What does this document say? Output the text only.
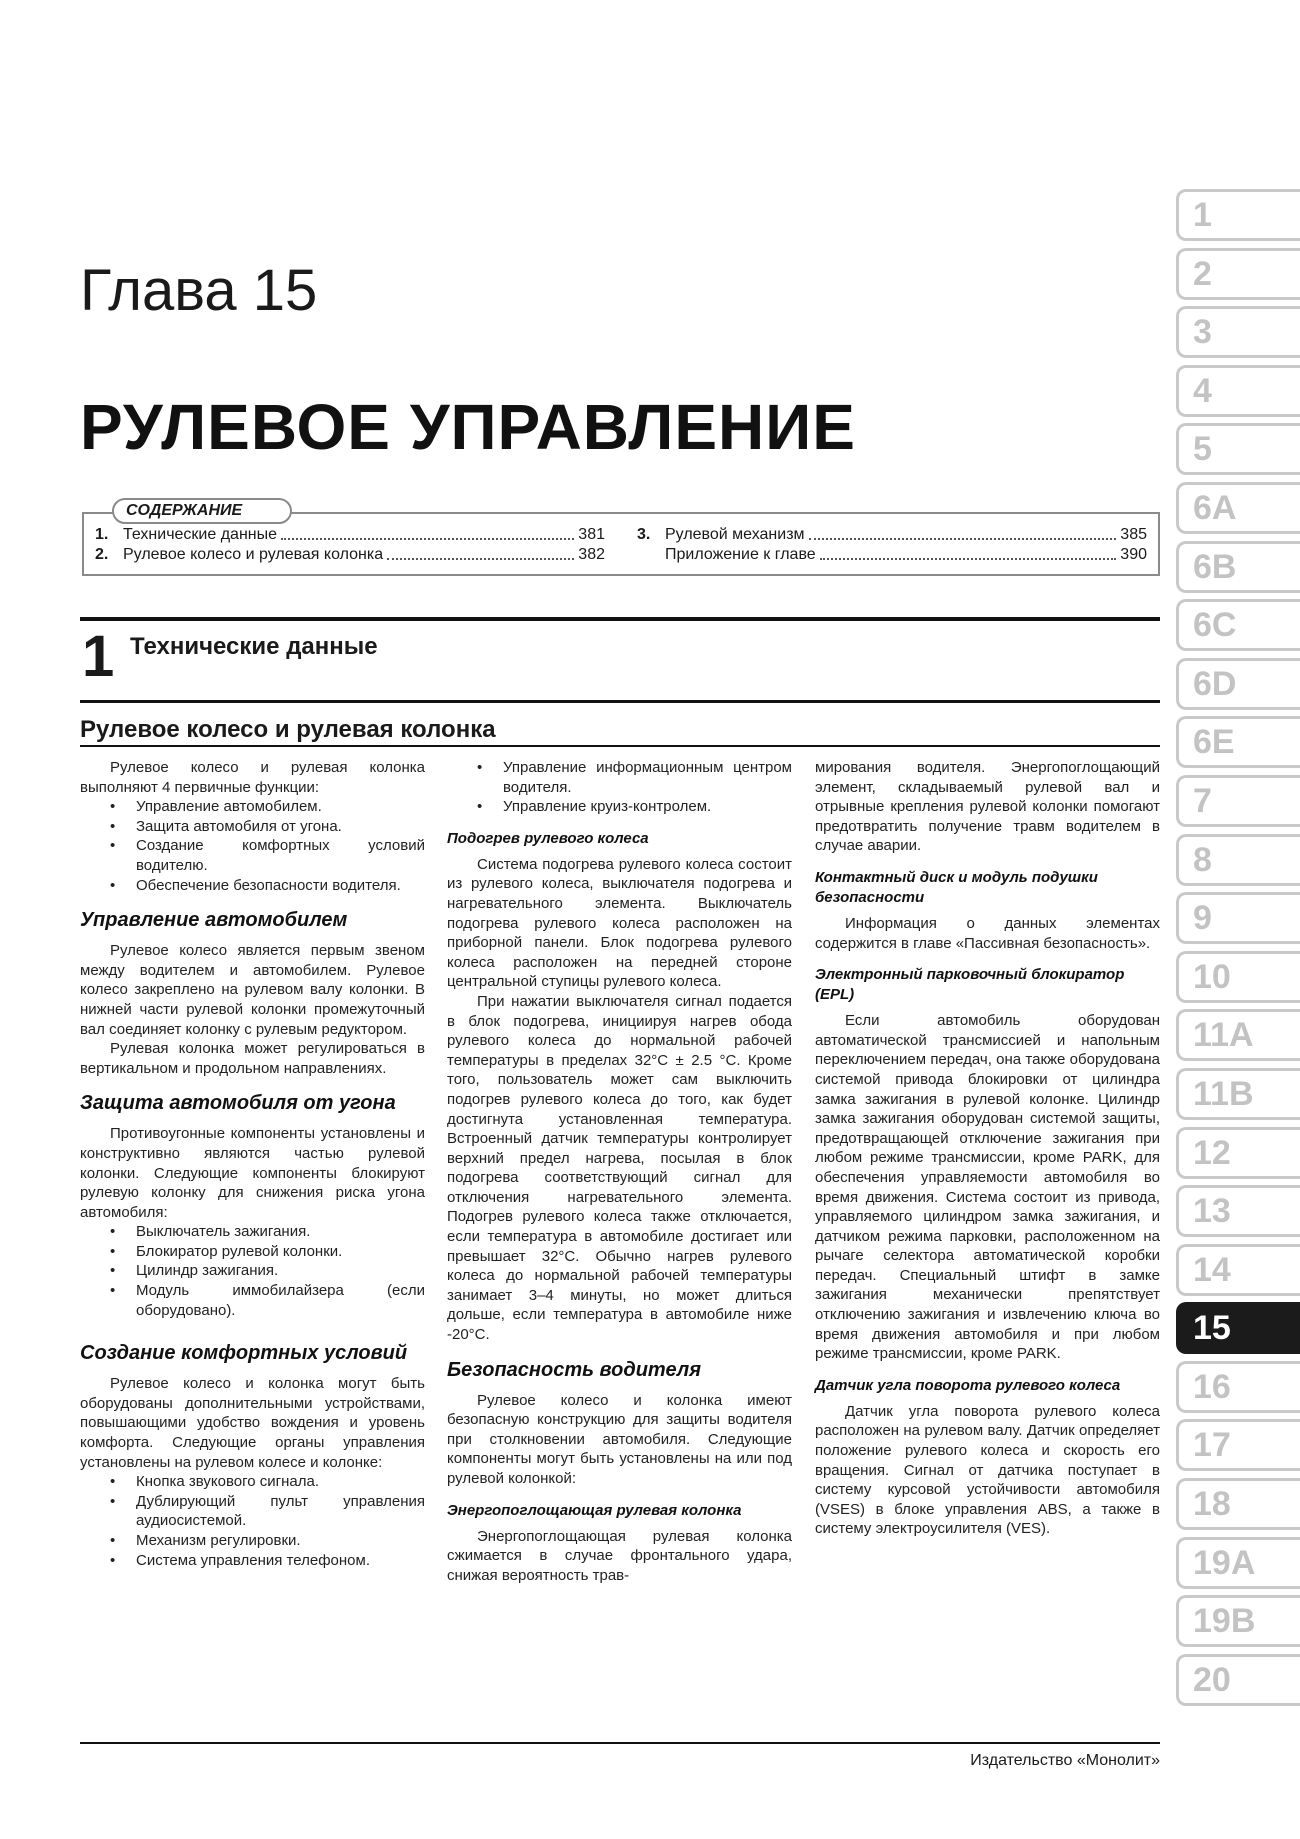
Глава 15
РУЛЕВОЕ УПРАВЛЕНИЕ
СОДЕРЖАНИЕ
1. Технические данные	381
2. Рулевое колесо и рулевая колонка	382
3. Рулевой механизм	385
Приложение к главе	390
1 Технические данные
Рулевое колесо и рулевая колонка

Рулевое колесо и рулевая колонка выполняют 4 первичные функции:

• Управление автомобилем.
• Защита автомобиля от угона.
• Создание комфортных условий водителю.
• Обеспечение безопасности водителя.
Управление автомобилем

Рулевое колесо является первым звеном между водителем и автомобилем. Рулевое колесо закреплено на рулевом валу колонки. В нижней части рулевой колонки промежуточный вал соединяет колонку с рулевым редуктором.

Рулевая колонка может регулироваться в вертикальном и продольном направлениях.

Защита автомобиля от угона

Противоугонные компоненты установлены и конструктивно являются частью рулевой колонки. Следующие компоненты блокируют рулевую колонку для снижения риска угона автомобиля:

• Выключатель зажигания.
• Блокиратор рулевой колонки.
• Цилиндр зажигания.
• Модуль иммобилайзера (если оборудовано).
Создание комфортных условий

Рулевое колесо и колонка могут быть оборудованы дополнительными устройствами, повышающими удобство вождения и уровень комфорта. Следующие органы управления установлены на рулевом колесе и колонке:

• Кнопка звукового сигнала.
• Дублирующий пульт управления аудиосистемой.
• Механизм регулировки.
• Система управления телефоном.
• Управление информационным центром водителя.
• Управление круиз-контролем.
Подогрев рулевого колеса

Система подогрева рулевого колеса состоит из рулевого колеса, выключателя подогрева и нагревательного элемента. Выключатель подогрева рулевого колеса расположен на приборной панели. Блок подогрева рулевого колеса расположен на передней стороне центральной ступицы рулевого колеса.

При нажатии выключателя сигнал подается в блок подогрева, инициируя нагрев обода рулевого колеса до нормальной рабочей температуры в пределах 32°С ± 2.5 °С. Кроме того, пользователь может сам выключить подогрев рулевого колеса до того, как будет достигнута установленная температура. Встроенный датчик температуры контролирует верхний предел нагрева, посылая в блок подогрева соответствующий сигнал для отключения нагревательного элемента. Подогрев рулевого колеса также отключается, если температура в автомобиле достигает или превышает 32°С. Обычно нагрев рулевого колеса до нормальной рабочей температуры занимает 3–4 минуты, но может длиться дольше, если температура в автомобиле ниже -20°С.

Безопасность водителя

Рулевое колесо и колонка имеют безопасную конструкцию для защиты водителя при столкновении автомобиля. Следующие компоненты могут быть установлены на или под рулевой колонкой:

Энергопоглощающая рулевая колонка

Энергопоглощающая рулевая колонка сжимается в случае фронтального удара, снижая вероятность трав-

мирования водителя. Энергопоглощающий элемент, складываемый рулевой вал и отрывные крепления рулевой колонки помогают предотвратить получение травм водителем в случае аварии.

Контактный диск и модуль подушки безопасности

Информация о данных элементах содержится в главе «Пассивная безопасность».

Электронный парковочный блокиратор (EPL)

Если автомобиль оборудован автоматической трансмиссией и напольным переключением передач, она также оборудована системой привода блокировки от цилиндра замка зажигания в рулевой колонке. Цилиндр замка зажигания оборудован системой защиты, предотвращающей отключение зажигания при любом режиме трансмиссии, кроме PARK, для обеспечения управляемости автомобиля во время движения. Система состоит из привода, управляемого цилиндром замка зажигания, и датчиком режима парковки, расположенном на рычаге селектора автоматической коробки передач. Специальный штифт в замке зажигания механически препятствует отключению зажигания и извлечению ключа во время движения автомобиля и при любом режиме трансмиссии, кроме PARK.

Датчик угла поворота рулевого колеса

Датчик угла поворота рулевого колеса расположен на рулевом валу. Датчик определяет положение рулевого колеса и скорость его вращения. Сигнал от датчика поступает в систему курсовой устойчивости автомобиля (VSES) в блоке управления ABS, а также в систему электроусилителя (VES).

Издательство «Монолит»
1
2
3
4
5
6A
6B
6C
6D
6E
7
8
9
10
11A
11B
12
13
14
15
16
17
18
19A
19B
20
